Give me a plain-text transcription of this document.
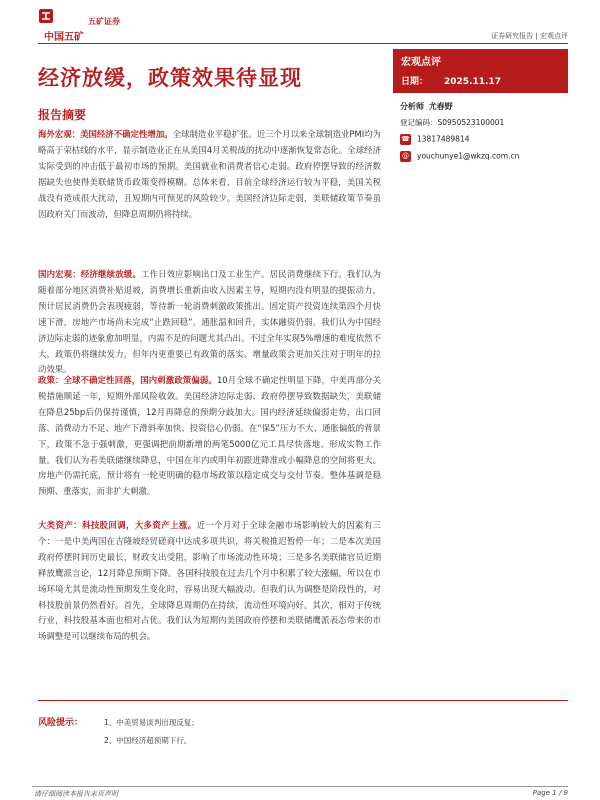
中国五矿
五矿证券
证券研究报告 | 宏观点评
经济放缓，政策效果待显现
宏观点评
日期： 2025.11.17
分析师 尤春野
登记编码：S0950523100001
☎ 13817489814
@ youchunye1@wkzq.com.cn
报告摘要
海外宏观：美国经济不确定性增加。全球制造业平稳扩张。近三个月以来全球制造业PMI均为略高于荣枯线的水平，显示制造业正在从美国4月关税战的扰动中逐渐恢复常态化。全球经济实际受到的冲击低于最初市场的预期。美国就业和消费者信心走弱。政府停摆导致的经济数据缺失也使得美联储货币政策变得模糊。总体来看，目前全球经济运行较为平稳，美国关税战没有造成很大扰动，且短期内可预见的风险较少。美国经济边际走弱，美联储政策节奏虽因政府关门而波动，但降息周期仍将持续。
国内宏观：经济继续放缓。工作日效应影响出口及工业生产。居民消费继续下行。我们认为随着部分地区消费补贴退坡，消费增长重新由收入因素主导，短期内没有明显的提振动力，预计居民消费仍会表现疲弱，等待新一轮消费刺激政策推出。固定资产投资连续第四个月快速下滑，房地产市场尚未完成“止跌回稳”。通胀温和回升，实体融资仍弱。我们认为中国经济边际走弱的迹象愈加明显，内需不足的问题尤其凸出。不过全年实现5%增速的难度依然不大，政策仍将继续发力，但年内更重要已有政策的落实。增量政策会更加关注对于明年的拉动效果。
政策：全球不确定性回落，国内刺激政策偏弱。10月全球不确定性明显下降，中美再部分关税措施顺延一年，短期外部风险收敛。美国经济边际走弱、政府停摆导致数据缺失，美联储在降息25bp后仍保持谨慎，12月再降息的预期分歧加大。国内经济延续偏弱走势，出口回落、消费动力不足、地产下滑斜率加快、投资信心仍弱。在“保5”压力不大、通胀偏低的背景下，政策不急于强刺激，更强调把前期新增的两笔5000亿元工具尽快落地、形成实物工作量。我们认为若美联储继续降息，中国在年内或明年初跟进降准或小幅降息的空间将更大。房地产仍需托底，预计将有一轮更明确的稳市场政策以稳定成交与交付节奏。整体基调是稳预期、重落实，而非扩大刺激。
大类资产：科技股回调，大多资产上涨。近一个月对于全球金融市场影响较大的因素有三个：一是中美两国在吉隆坡经贸磋商中达成多项共识，将关税推迟暂停一年；二是本次美国政府停摆时间历史最长，财政支出受阻，影响了市场流动性环境；三是多名美联储官员近期释放鹰派言论，12月降息预期下降。各国科技股在过去几个月中积累了较大涨幅，所以在市场环境尤其是流动性预期发生变化时，容易出现大幅波动。但我们认为调整是阶段性的，对科技股前景仍然看好。首先，全球降息周期仍在持续，流动性环境向好。其次，相对于传统行业，科技股基本面也相对占优。我们认为短期内美国政府停摆和美联储鹰派表态带来的市场调整是可以继续布局的机会。
风险提示：	1、中美贸易谈判出现反复；
2、中国经济超预期下行。
请仔细阅读本报告末页声明	Page 1 / 9
